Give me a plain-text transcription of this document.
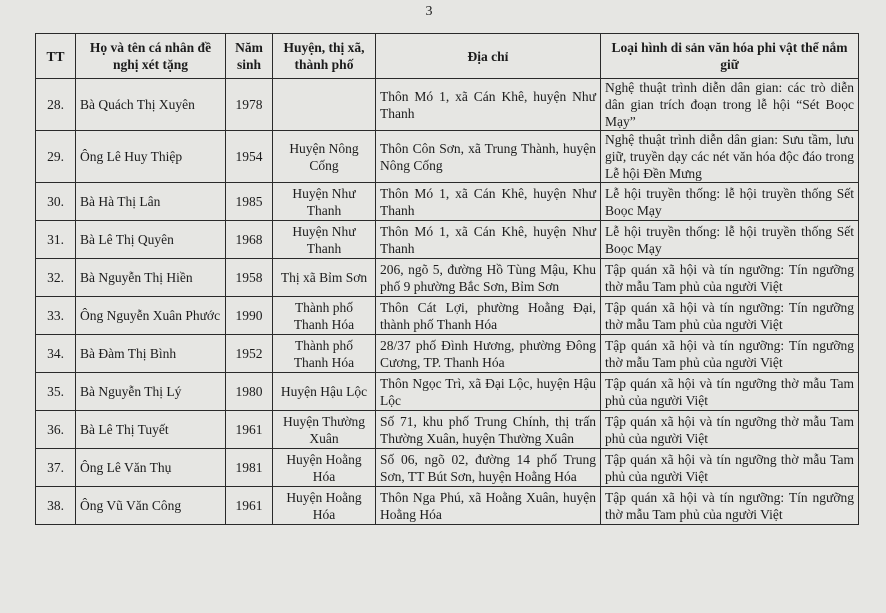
3
TT	Họ và tên cá nhân đề nghị xét tặng	Năm sinh	Huyện, thị xã, thành phố	Địa chỉ	Loại hình di sản văn hóa phi vật thể nắm giữ
28.	Bà Quách Thị Xuyên	1978		Thôn Mó 1, xã Cán Khê, huyện Như Thanh	Nghệ thuật trình diễn dân gian: các trò diễn dân gian trích đoạn trong lễ hội “Sét Boọc Mạy”
29.	Ông Lê Huy Thiệp	1954	Huyện Nông Cống	Thôn Côn Sơn, xã Trung Thành, huyện Nông Cống	Nghệ thuật trình diễn dân gian: Sưu tầm, lưu giữ, truyền dạy các nét văn hóa độc đáo trong Lễ hội Đền Mưng
30.	Bà Hà Thị Lân	1985	Huyện Như Thanh	Thôn Mó 1, xã Cán Khê, huyện Như Thanh	Lễ hội truyền thống: lễ hội truyền thống Sết Boọc Mạy
31.	Bà Lê Thị Quyên	1968	Huyện Như Thanh	Thôn Mó 1, xã Cán Khê, huyện Như Thanh	Lễ hội truyền thống: lễ hội truyền thống Sết Boọc Mạy
32.	Bà Nguyễn Thị Hiền	1958	Thị xã Bỉm Sơn	206, ngõ 5, đường Hồ Tùng Mậu, Khu phố 9 phường Bắc Sơn, Bỉm Sơn	Tập quán xã hội và tín ngưỡng: Tín ngưỡng thờ mẫu Tam phủ của người Việt
33.	Ông Nguyễn Xuân Phước	1990	Thành phố Thanh Hóa	Thôn Cát Lợi, phường Hoằng Đại, thành phố Thanh Hóa	Tập quán xã hội và tín ngưỡng: Tín ngưỡng thờ mẫu Tam phủ của người Việt
34.	Bà Đàm Thị Bình	1952	Thành phố Thanh Hóa	28/37 phố Đình Hương, phường Đông Cương, TP. Thanh Hóa	Tập quán xã hội và tín ngưỡng: Tín ngưỡng thờ mẫu Tam phủ của người Việt
35.	Bà Nguyễn Thị Lý	1980	Huyện Hậu Lộc	Thôn Ngọc Trì, xã Đại Lộc, huyện Hậu Lộc	Tập quán xã hội và tín ngưỡng thờ mẫu Tam phủ của người Việt
36.	Bà Lê Thị Tuyết	1961	Huyện Thường Xuân	Số 71, khu phố Trung Chính, thị trấn Thường Xuân, huyện Thường Xuân	Tập quán xã hội và tín ngưỡng thờ mẫu Tam phủ của người Việt
37.	Ông Lê Văn Thụ	1981	Huyện Hoằng Hóa	Số 06, ngõ 02, đường 14 phố Trung Sơn, TT Bút Sơn, huyện Hoằng Hóa	Tập quán xã hội và tín ngưỡng thờ mẫu Tam phủ của người Việt
38.	Ông Vũ Văn Công	1961	Huyện Hoằng Hóa	Thôn Nga Phú, xã Hoằng Xuân, huyện Hoằng Hóa	Tập quán xã hội và tín ngưỡng: Tín ngưỡng thờ mẫu Tam phủ của người Việt
